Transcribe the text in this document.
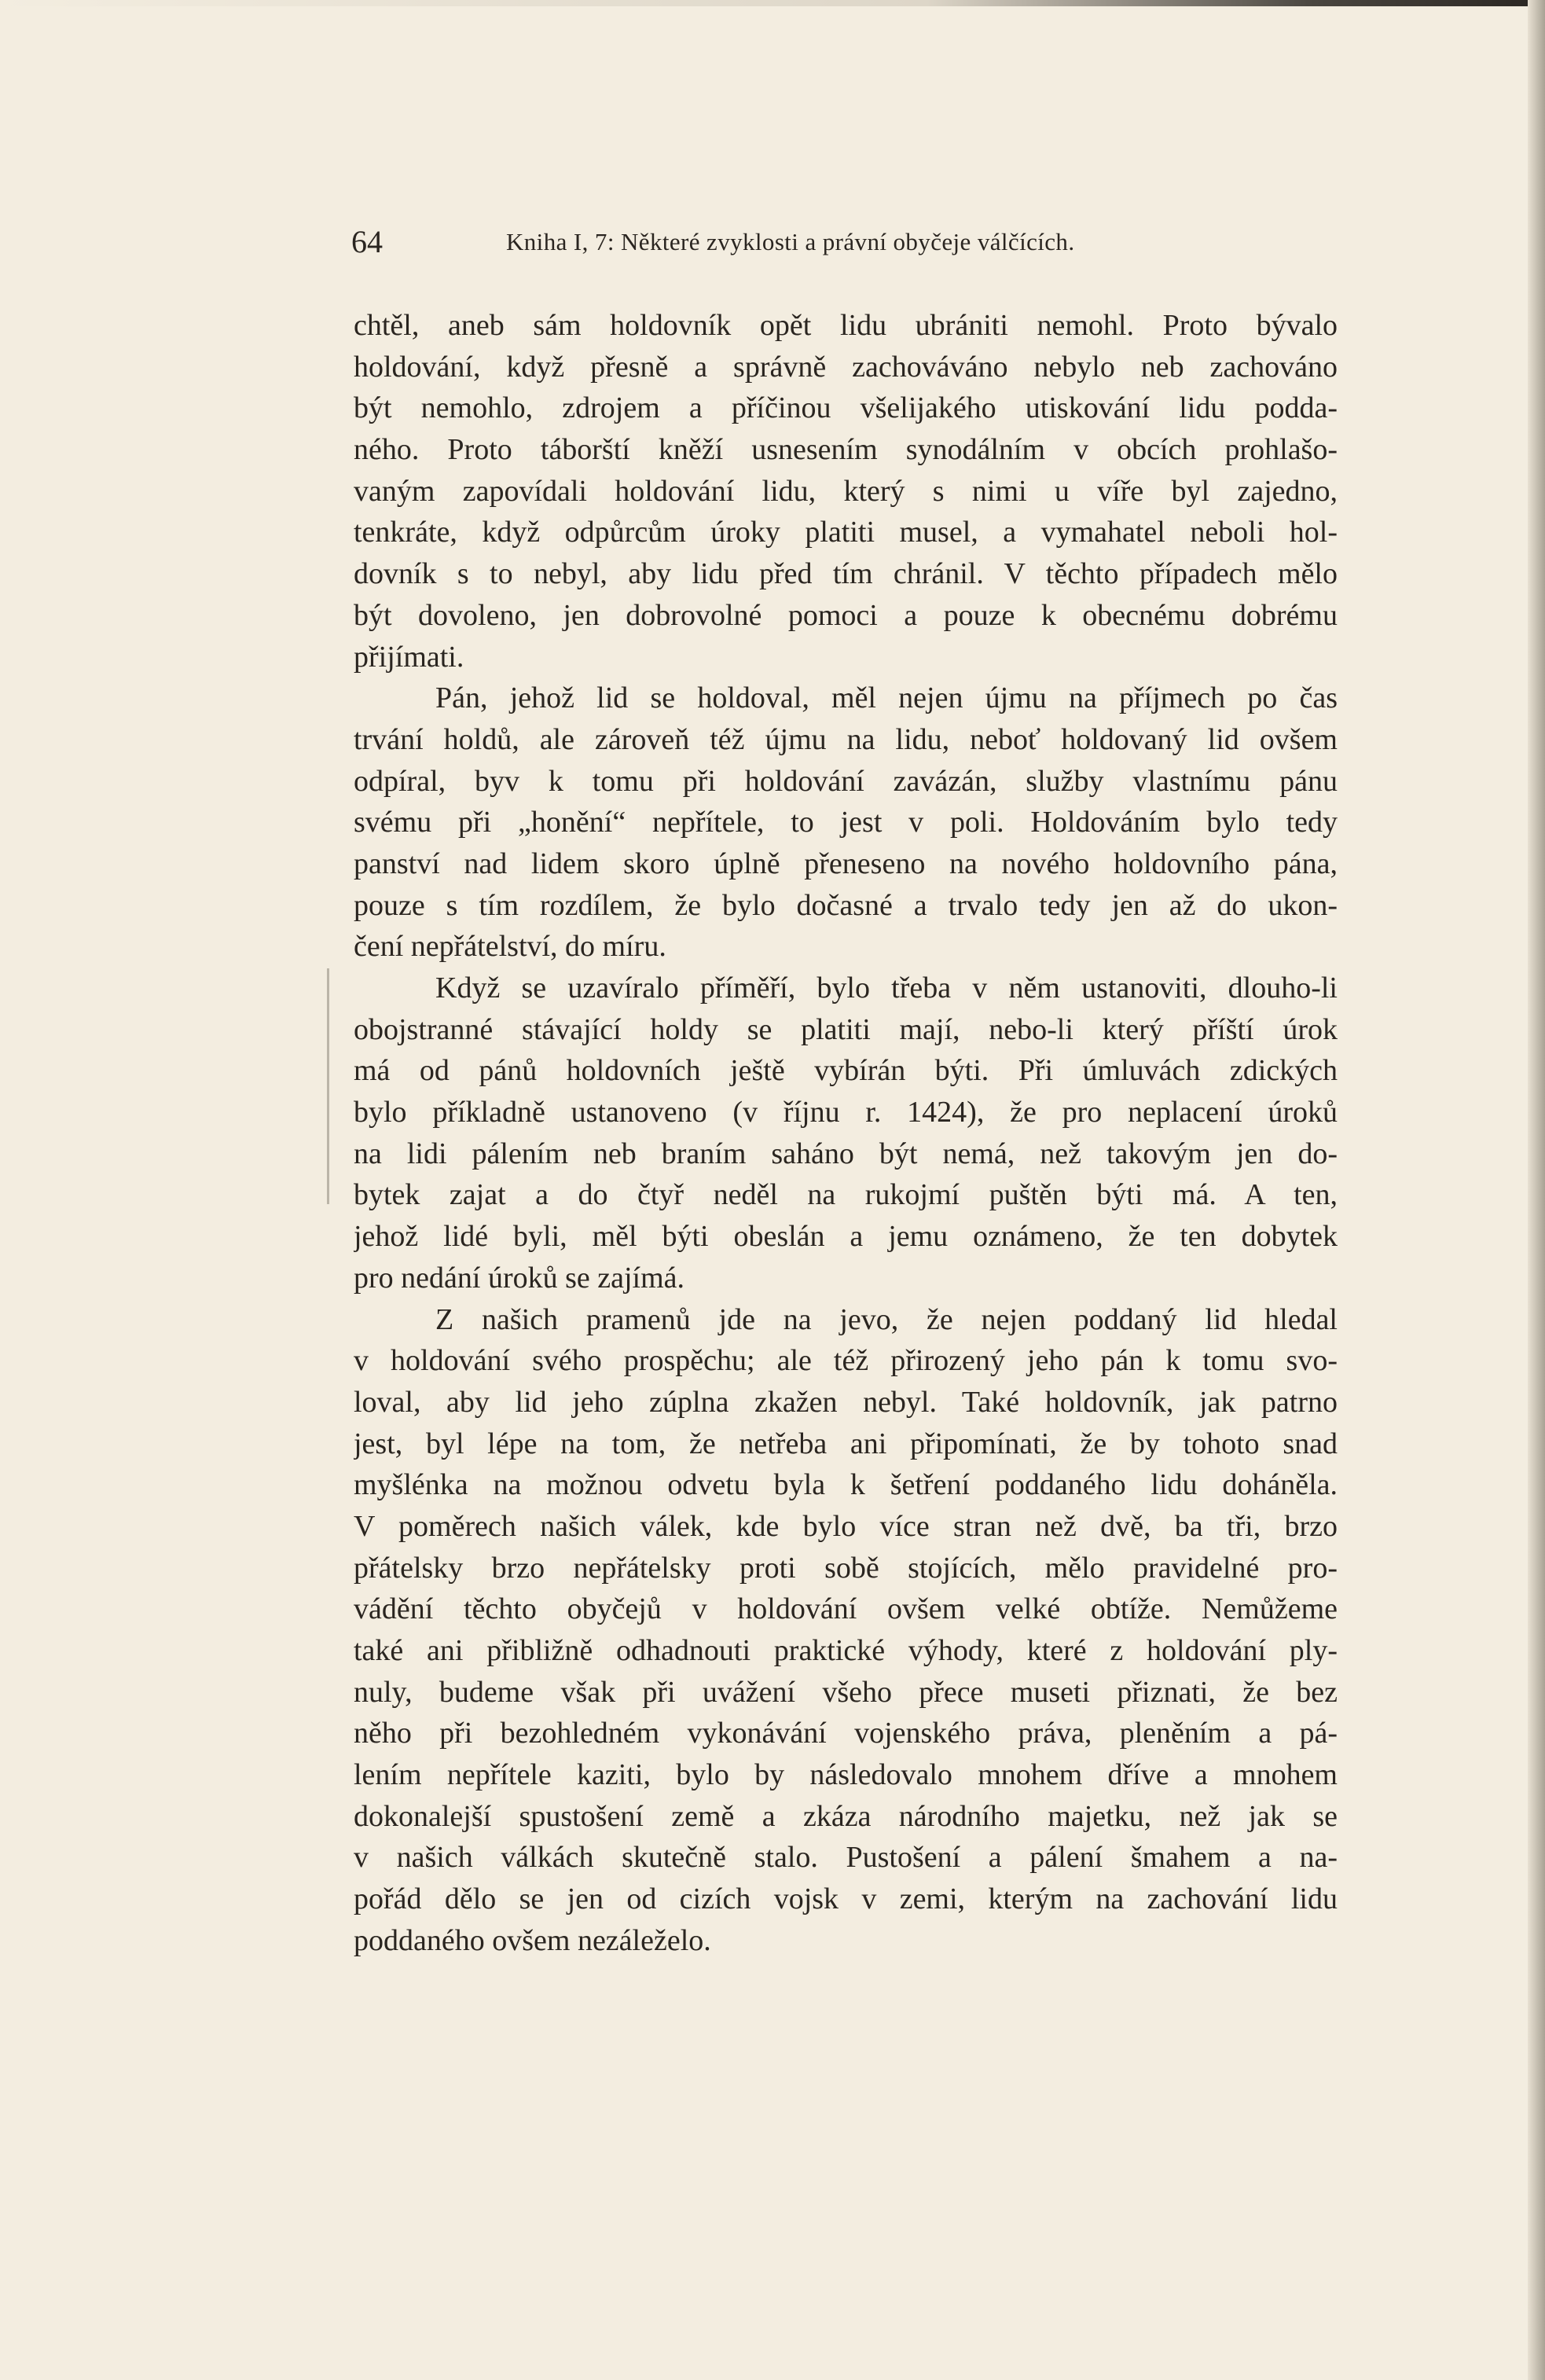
64	Kniha I, 7: Některé zvyklosti a právní obyčeje válčících.
chtěl, aneb sám holdovník opět lidu ubrániti nemohl. Proto bývalo
holdování, když přesně a správně zachováváno nebylo neb zachováno
být nemohlo, zdrojem a příčinou všelijakého utiskování lidu podda-
ného. Proto táborští kněží usnesením synodálním v obcích prohlašo-
vaným zapovídali holdování lidu, který s nimi u víře byl zajedno,
tenkráte, když odpůrcům úroky platiti musel, a vymahatel neboli hol-
dovník s to nebyl, aby lidu před tím chránil. V těchto případech mělo
být dovoleno, jen dobrovolné pomoci a pouze k obecnému dobrému
přijímati.
Pán, jehož lid se holdoval, měl nejen újmu na příjmech po čas
trvání holdů, ale zároveň též újmu na lidu, neboť holdovaný lid ovšem
odpíral, byv k tomu při holdování zavázán, služby vlastnímu pánu
svému při „honění“ nepřítele, to jest v poli. Holdováním bylo tedy
panství nad lidem skoro úplně přeneseno na nového holdovního pána,
pouze s tím rozdílem, že bylo dočasné a trvalo tedy jen až do ukon-
čení nepřátelství, do míru.
Když se uzavíralo příměří, bylo třeba v něm ustanoviti, dlouho-li
obojstranné stávající holdy se platiti mají, nebo-li který příští úrok
má od pánů holdovních ještě vybírán býti. Při úmluvách zdických
bylo příkladně ustanoveno (v říjnu r. 1424), že pro neplacení úroků
na lidi pálením neb braním saháno být nemá, než takovým jen do-
bytek zajat a do čtyř neděl na rukojmí puštěn býti má. A ten,
jehož lidé byli, měl býti obeslán a jemu oznámeno, že ten dobytek
pro nedání úroků se zajímá.
Z našich pramenů jde na jevo, že nejen poddaný lid hledal
v holdování svého prospěchu; ale též přirozený jeho pán k tomu svo-
loval, aby lid jeho zúplna zkažen nebyl. Také holdovník, jak patrno
jest, byl lépe na tom, že netřeba ani připomínati, že by tohoto snad
myšlénka na možnou odvetu byla k šetření poddaného lidu doháněla.
V poměrech našich válek, kde bylo více stran než dvě, ba tři, brzo
přátelsky brzo nepřátelsky proti sobě stojících, mělo pravidelné pro-
vádění těchto obyčejů v holdování ovšem velké obtíže. Nemůžeme
také ani přibližně odhadnouti praktické výhody, které z holdování ply-
nuly, budeme však při uvážení všeho přece museti přiznati, že bez
něho při bezohledném vykonávání vojenského práva, pleněním a pá-
lením nepřítele kaziti, bylo by následovalo mnohem dříve a mnohem
dokonalejší spustošení země a zkáza národního majetku, než jak se
v našich válkách skutečně stalo. Pustošení a pálení šmahem a na-
pořád dělo se jen od cizích vojsk v zemi, kterým na zachování lidu
poddaného ovšem nezáleželo.
